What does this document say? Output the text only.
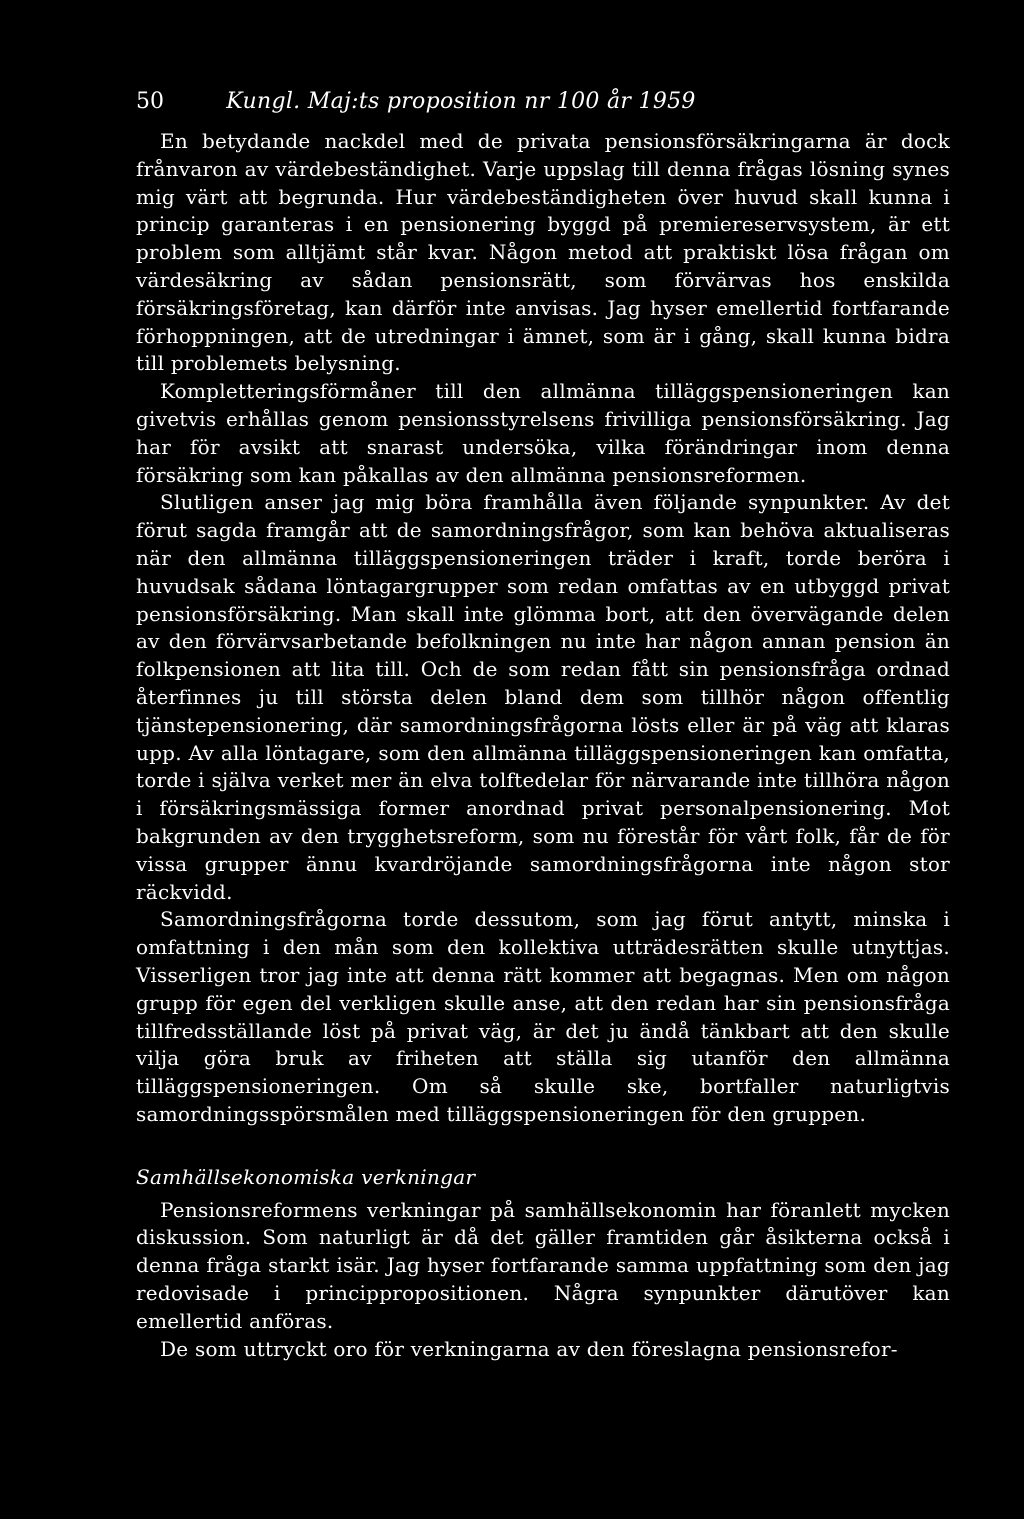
50	Kungl. Maj:ts proposition nr 100 år 1959

En betydande nackdel med de privata pensionsförsäkringarna är dock frånvaron av värdebeständighet. Varje uppslag till denna frågas lösning synes mig värt att begrunda. Hur värdebeständigheten över huvud skall kunna i princip garanteras i en pensionering byggd på premiereservsystem, är ett problem som alltjämt står kvar. Någon metod att praktiskt lösa frågan om värdesäkring av sådan pensionsrätt, som förvärvas hos enskilda försäkringsföretag, kan därför inte anvisas. Jag hyser emellertid fortfarande förhoppningen, att de utredningar i ämnet, som är i gång, skall kunna bidra till problemets belysning.

Kompletteringsförmåner till den allmänna tilläggspensioneringen kan givetvis erhållas genom pensionsstyrelsens frivilliga pensionsförsäkring. Jag har för avsikt att snarast undersöka, vilka förändringar inom denna försäkring som kan påkallas av den allmänna pensionsreformen.

Slutligen anser jag mig böra framhålla även följande synpunkter. Av det förut sagda framgår att de samordningsfrågor, som kan behöva aktualiseras när den allmänna tilläggspensioneringen träder i kraft, torde beröra i huvudsak sådana löntagargrupper som redan omfattas av en utbyggd privat pensionsförsäkring. Man skall inte glömma bort, att den övervägande delen av den förvärvsarbetande befolkningen nu inte har någon annan pension än folkpensionen att lita till. Och de som redan fått sin pensionsfråga ordnad återfinnes ju till största delen bland dem som tillhör någon offentlig tjänstepensionering, där samordningsfrågorna lösts eller är på väg att klaras upp. Av alla löntagare, som den allmänna tilläggspensioneringen kan omfatta, torde i själva verket mer än elva tolftedelar för närvarande inte tillhöra någon i försäkringsmässiga former anordnad privat personalpensionering. Mot bakgrunden av den trygghetsreform, som nu förestår för vårt folk, får de för vissa grupper ännu kvardröjande samordningsfrågorna inte någon stor räckvidd.

Samordningsfrågorna torde dessutom, som jag förut antytt, minska i omfattning i den mån som den kollektiva utträdesrätten skulle utnyttjas. Visserligen tror jag inte att denna rätt kommer att begagnas. Men om någon grupp för egen del verkligen skulle anse, att den redan har sin pensionsfråga tillfredsställande löst på privat väg, är det ju ändå tänkbart att den skulle vilja göra bruk av friheten att ställa sig utanför den allmänna tilläggspensioneringen. Om så skulle ske, bortfaller naturligtvis samordningsspörsmålen med tilläggspensioneringen för den gruppen.

Samhällsekonomiska verkningar

Pensionsreformens verkningar på samhällsekonomin har föranlett mycken diskussion. Som naturligt är då det gäller framtiden går åsikterna också i denna fråga starkt isär. Jag hyser fortfarande samma uppfattning som den jag redovisade i princippropositionen. Några synpunkter därutöver kan emellertid anföras.

De som uttryckt oro för verkningarna av den föreslagna pensionsrefor-
